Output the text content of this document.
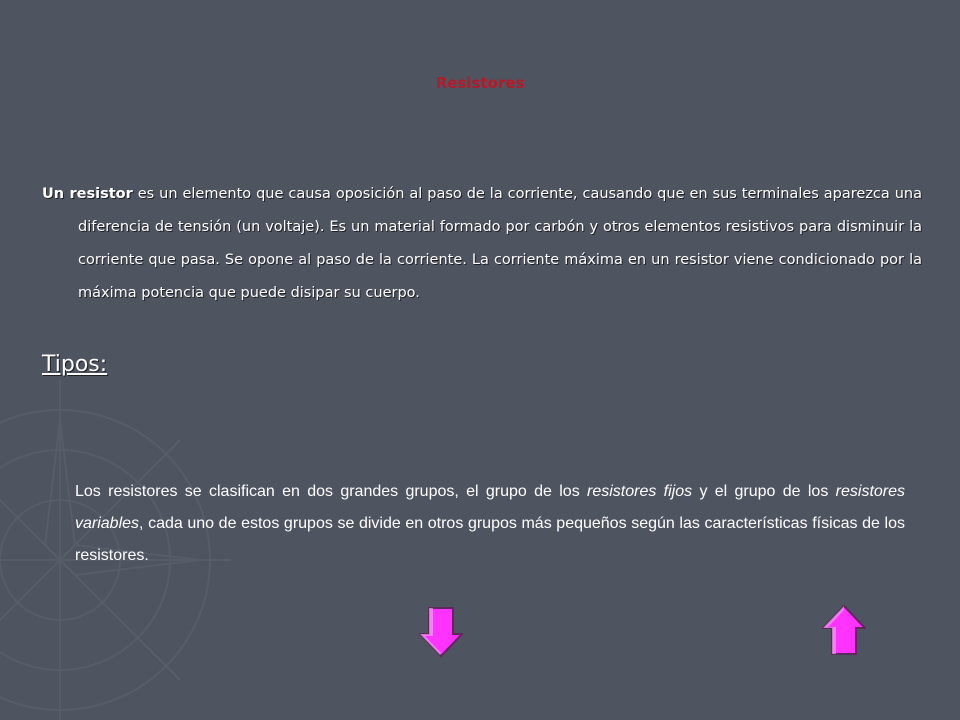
Resistores
Un resistor es un elemento que causa oposición al paso de la corriente, causando que en sus terminales aparezca una diferencia de tensión (un voltaje). Es un material formado por carbón y otros elementos resistivos para disminuir la corriente que pasa. Se opone al paso de la corriente. La corriente máxima en un resistor viene condicionado por la máxima potencia que puede disipar su cuerpo.
Tipos:
Los resistores se clasifican en dos grandes grupos, el grupo de los resistores fijos y el grupo de los resistores variables, cada uno de estos grupos se divide en otros grupos más pequeños según las características físicas de los resistores.
